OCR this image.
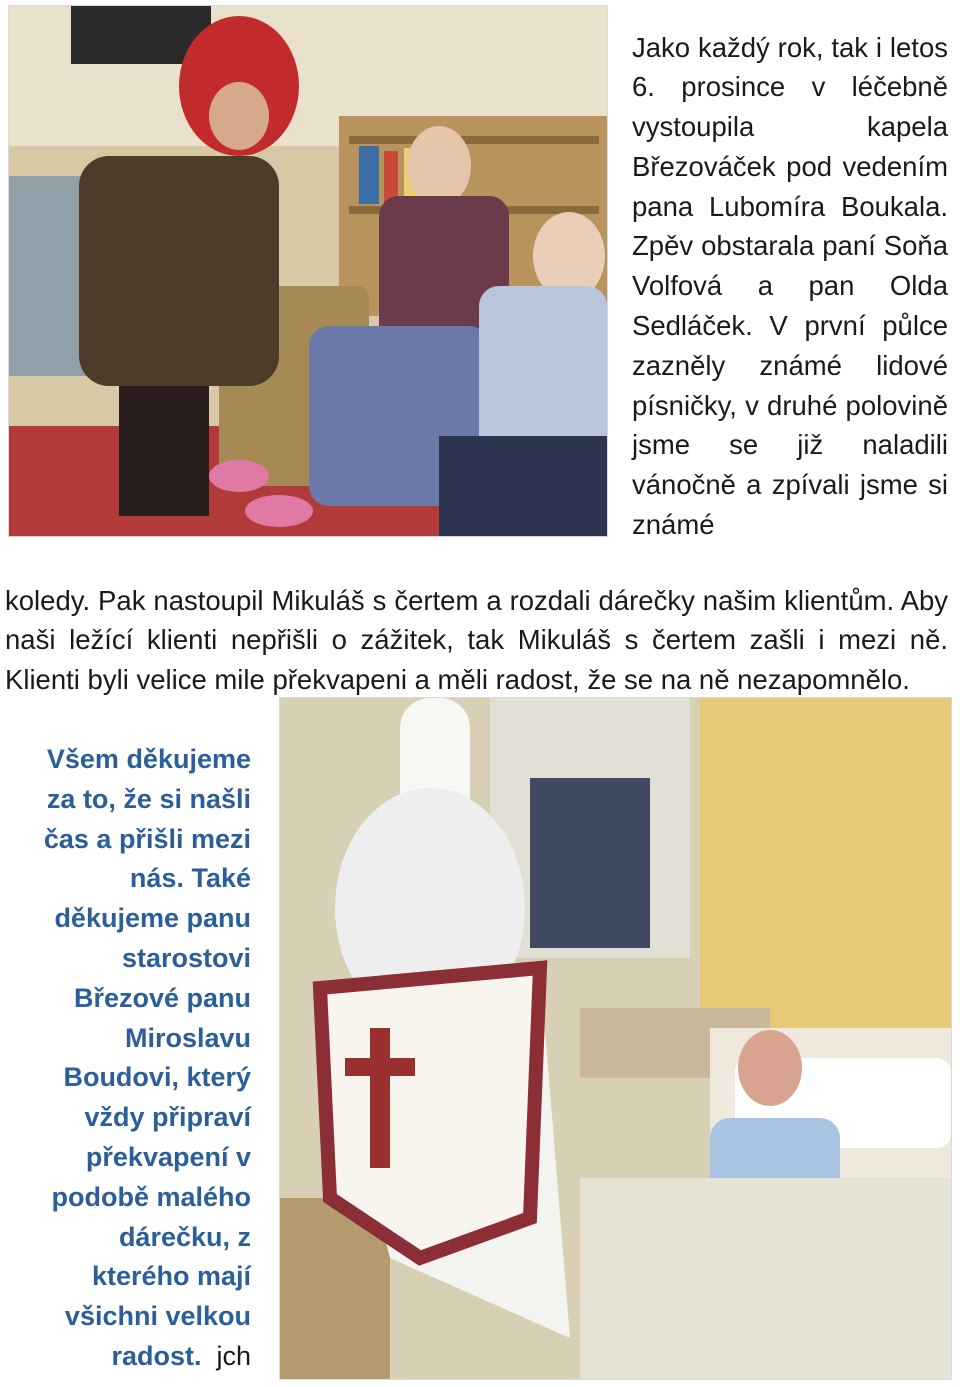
Jako každý rok, tak i letos 6. prosince v léčebně vystoupila kapela Březováček pod vedením pana Lubomíra Boukala. Zpěv obstarala paní Soňa Volfová a pan Olda Sedláček. V první půlce zazněly známé lidové písničky, v druhé polovině jsme se již naladili vánočně a zpívali jsme si známé

koledy. Pak nastoupil Mikuláš s čertem a rozdali dárečky našim klientům. Aby naši ležící klienti nepřišli o zážitek, tak Mikuláš s čertem zašli i mezi ně. Klienti byli velice mile překvapeni a měli radost, že se na ně nezapomnělo.

Všem děkujeme za to, že si našli čas a přišli mezi nás. Také děkujeme panu starostovi Březové panu Miroslavu Boudovi, který vždy připraví překvapení v podobě malého dárečku, z kterého mají všichni velkou radost. jch
